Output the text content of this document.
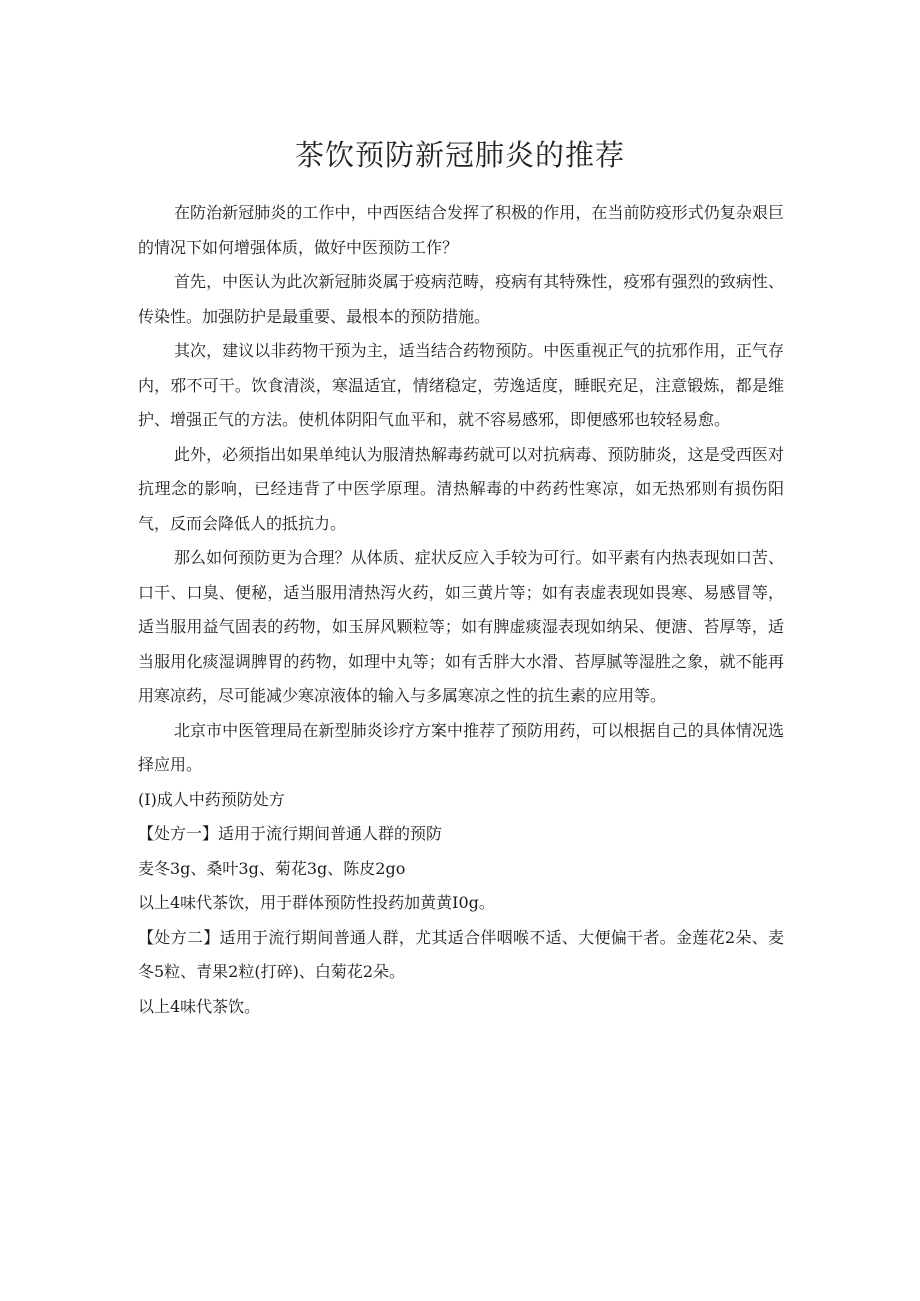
茶饮预防新冠肺炎的推荐

在防治新冠肺炎的工作中，中西医结合发挥了积极的作用，在当前防疫形式仍复杂艰巨的情况下如何增强体质，做好中医预防工作？

首先，中医认为此次新冠肺炎属于疫病范畴，疫病有其特殊性，疫邪有强烈的致病性、传染性。加强防护是最重要、最根本的预防措施。

其次，建议以非药物干预为主，适当结合药物预防。中医重视正气的抗邪作用，正气存内，邪不可干。饮食清淡，寒温适宜，情绪稳定，劳逸适度，睡眠充足，注意锻炼，都是维护、增强正气的方法。使机体阴阳气血平和，就不容易感邪，即便感邪也较轻易愈。

此外，必须指出如果单纯认为服清热解毒药就可以对抗病毒、预防肺炎，这是受西医对抗理念的影响，已经违背了中医学原理。清热解毒的中药药性寒凉，如无热邪则有损伤阳气，反而会降低人的抵抗力。

那么如何预防更为合理？从体质、症状反应入手较为可行。如平素有内热表现如口苦、口干、口臭、便秘，适当服用清热泻火药，如三黄片等；如有表虚表现如畏寒、易感冒等，适当服用益气固表的药物，如玉屏风颗粒等；如有脾虚痰湿表现如纳呆、便溏、苔厚等，适当服用化痰湿调脾胃的药物，如理中丸等；如有舌胖大水滑、苔厚腻等湿胜之象，就不能再用寒凉药，尽可能减少寒凉液体的输入与多属寒凉之性的抗生素的应用等。

北京市中医管理局在新型肺炎诊疗方案中推荐了预防用药，可以根据自己的具体情况选择应用。

(I)成人中药预防处方

【处方一】适用于流行期间普通人群的预防

麦冬3g、桑叶3g、菊花3g、陈皮2go

以上4味代茶饮，用于群体预防性投药加黄黄I0g。

【处方二】适用于流行期间普通人群，尤其适合伴咽喉不适、大便偏干者。金莲花2朵、麦冬5粒、青果2粒(打碎)、白菊花2朵。

以上4味代茶饮。
